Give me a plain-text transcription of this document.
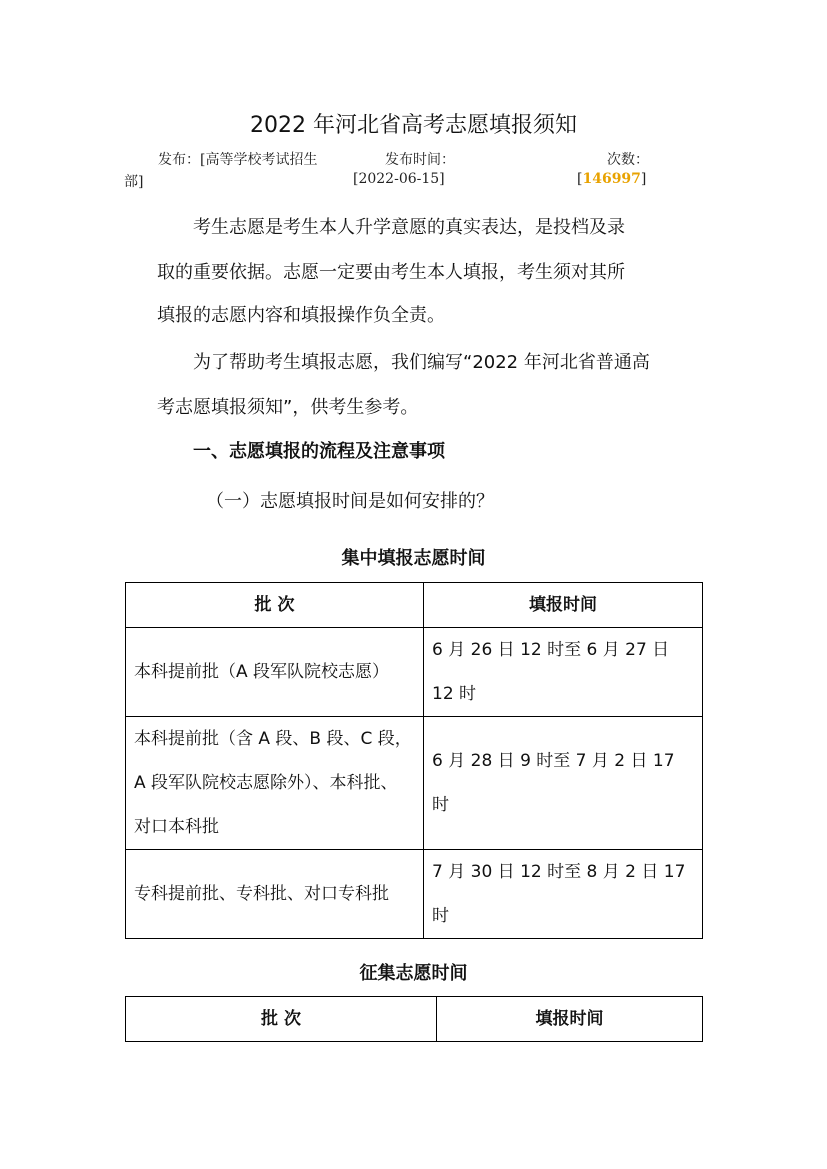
2022 年河北省高考志愿填报须知
发布：[高等学校考试招生
部]
发布时间：
[2022-06-15]
次数：
[146997]
考生志愿是考生本人升学意愿的真实表达，是投档及录
取的重要依据。志愿一定要由考生本人填报，考生须对其所
填报的志愿内容和填报操作负全责。
为了帮助考生填报志愿，我们编写“2022 年河北省普通高
考志愿填报须知”，供考生参考。
一、志愿填报的流程及注意事项
（一）志愿填报时间是如何安排的？
集中填报志愿时间
批 次	填报时间
本科提前批（A 段军队院校志愿）	6 月 26 日 12 时至 6 月 27 日
12 时
本科提前批（含 A 段、B 段、C 段，
A 段军队院校志愿除外）、本科批、
对口本科批	6 月 28 日 9 时至 7 月 2 日 17
时
专科提前批、专科批、对口专科批	7 月 30 日 12 时至 8 月 2 日 17
时
征集志愿时间
批 次	填报时间
